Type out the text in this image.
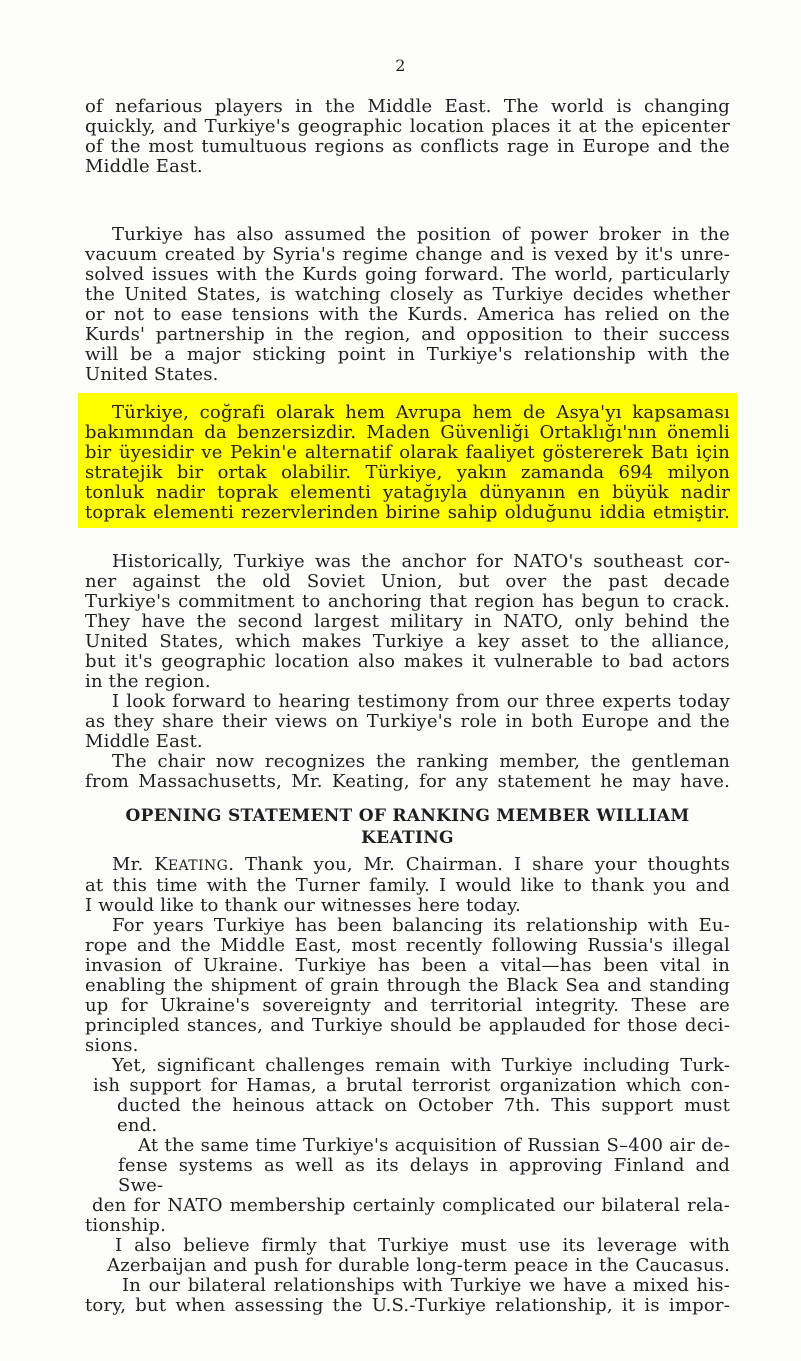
2
of nefarious players in the Middle East. The world is changing
quickly, and Turkiye's geographic location places it at the epicenter
of the most tumultuous regions as conflicts rage in Europe and the
Middle East.
Turkiye has also assumed the position of power broker in the
vacuum created by Syria's regime change and is vexed by it's unre-
solved issues with the Kurds going forward. The world, particularly
the United States, is watching closely as Turkiye decides whether
or not to ease tensions with the Kurds. America has relied on the
Kurds' partnership in the region, and opposition to their success
will be a major sticking point in Turkiye's relationship with the
United States.
Türkiye, coğrafi olarak hem Avrupa hem de Asya'yı kapsaması
bakımından da benzersizdir. Maden Güvenliği Ortaklığı'nın önemli
bir üyesidir ve Pekin'e alternatif olarak faaliyet göstererek Batı için
stratejik bir ortak olabilir. Türkiye, yakın zamanda 694 milyon
tonluk nadir toprak elementi yatağıyla dünyanın en büyük nadir
toprak elementi rezervlerinden birine sahip olduğunu iddia etmiştir.
Historically, Turkiye was the anchor for NATO's southeast cor-
ner against the old Soviet Union, but over the past decade
Turkiye's commitment to anchoring that region has begun to crack.
They have the second largest military in NATO, only behind the
United States, which makes Turkiye a key asset to the alliance,
but it's geographic location also makes it vulnerable to bad actors
in the region.
I look forward to hearing testimony from our three experts today
as they share their views on Turkiye's role in both Europe and the
Middle East.
The chair now recognizes the ranking member, the gentleman
from Massachusetts, Mr. Keating, for any statement he may have.
OPENING STATEMENT OF RANKING MEMBER WILLIAM
KEATING
Mr. KEATING. Thank you, Mr. Chairman. I share your thoughts
at this time with the Turner family. I would like to thank you and
I would like to thank our witnesses here today.
For years Turkiye has been balancing its relationship with Eu-
rope and the Middle East, most recently following Russia's illegal
invasion of Ukraine. Turkiye has been a vital—has been vital in
enabling the shipment of grain through the Black Sea and standing
up for Ukraine's sovereignty and territorial integrity. These are
principled stances, and Turkiye should be applauded for those deci-
sions.
Yet, significant challenges remain with Turkiye including Turk-
ish support for Hamas, a brutal terrorist organization which con-
ducted the heinous attack on October 7th. This support must end.
At the same time Turkiye's acquisition of Russian S–400 air de-
fense systems as well as its delays in approving Finland and Swe-
den for NATO membership certainly complicated our bilateral rela-
tionship.
I also believe firmly that Turkiye must use its leverage with
Azerbaijan and push for durable long-term peace in the Caucasus.
In our bilateral relationships with Turkiye we have a mixed his-
tory, but when assessing the U.S.-Turkiye relationship, it is impor-
